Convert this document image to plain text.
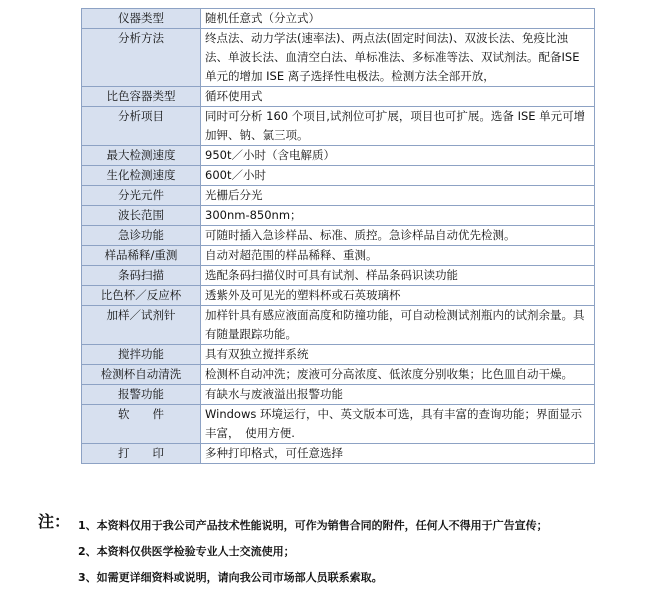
仪器类型	随机任意式（分立式）
分析方法	终点法、动力学法(速率法)、两点法(固定时间法)、双波长法、免疫比浊法、单波长法、血清空白法、单标准法、多标准等法、双试剂法。配备ISE 单元的增加 ISE 离子选择性电极法。检测方法全部开放，
比色容器类型	循环使用式
分析项目	同时可分析 160 个项目,试剂位可扩展，项目也可扩展。选备 ISE 单元可增加钾、钠、氯三项。
最大检测速度	950t／小时（含电解质）
生化检测速度	600t／小时
分光元件	光栅后分光
波长范围	300nm-850nm；
急诊功能	可随时插入急诊样品、标准、质控。急诊样品自动优先检测。
样品稀释/重测	自动对超范围的样品稀释、重测。
条码扫描	选配条码扫描仪时可具有试剂、样品条码识读功能
比色杯／反应杯	透紫外及可见光的塑料杯或石英玻璃杯
加样／试剂针	加样针具有感应液面高度和防撞功能，可自动检测试剂瓶内的试剂余量。具有随量跟踪功能。
搅拌功能	具有双独立搅拌系统
检测杯自动清洗	检测杯自动冲洗；废液可分高浓度、低浓度分别收集；比色皿自动干燥。
报警功能	有缺水与废液溢出报警功能
软　　件	Windows 环境运行，中、英文版本可选，具有丰富的查询功能；界面显示丰富，　使用方便.
打　　印	多种打印格式，可任意选择
注： 1、本资料仅用于我公司产品技术性能说明，可作为销售合同的附件，任何人不得用于广告宣传；
2、本资料仅供医学检验专业人士交流使用；
3、如需更详细资料或说明，请向我公司市场部人员联系索取。
